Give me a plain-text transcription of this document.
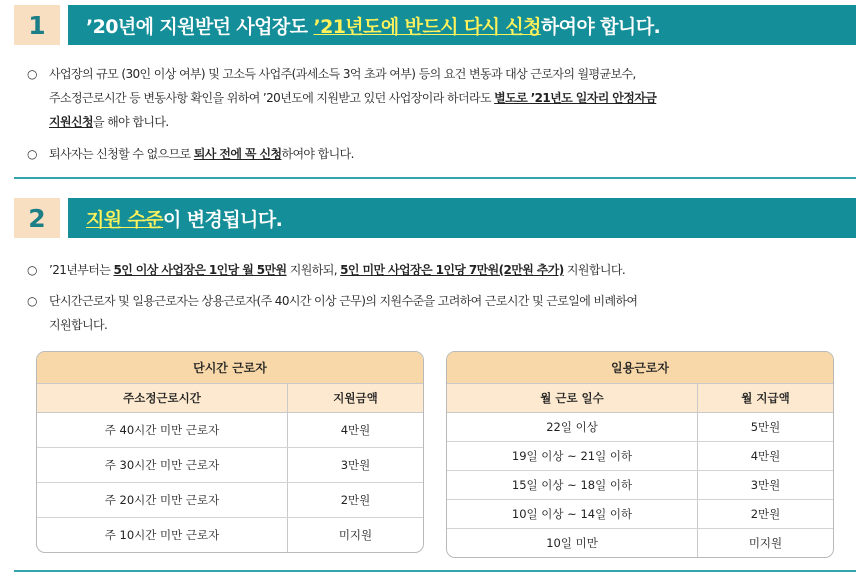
1	’20년에 지원받던 사업장도 ’21년도에 반드시 다시 신청 하여야 합니다.
○ 사업장의 규모 (30인 이상 여부) 및 고소득 사업주(과세소득 3억 초과 여부) 등의 요건 변동과 대상 근로자의 월평균보수,
주소정근로시간 등 변동사항 확인을 위하여 ’20년도에 지원받고 있던 사업장이라 하더라도 별도로 ’21년도 일자리 안정자금
지원신청을 해야 합니다.
○ 퇴사자는 신청할 수 없으므로 퇴사 전에 꼭 신청하여야 합니다.
2	지원 수준 이 변경됩니다.
○ ’21년부터는 5인 이상 사업장은 1인당 월 5만원 지원하되, 5인 미만 사업장은 1인당 7만원(2만원 추가) 지원합니다.
○ 단시간근로자 및 일용근로자는 상용근로자(주 40시간 이상 근무)의 지원수준을 고려하여 근로시간 및 근로일에 비례하여
지원합니다.
단시간 근로자
주소정근로시간	지원금액
주 40시간 미만 근로자	4만원
주 30시간 미만 근로자	3만원
주 20시간 미만 근로자	2만원
주 10시간 미만 근로자	미지원
일용근로자
월 근로 일수	월 지급액
22일 이상	5만원
19일 이상 ~ 21일 이하	4만원
15일 이상 ~ 18일 이하	3만원
10일 이상 ~ 14일 이하	2만원
10일 미만	미지원
